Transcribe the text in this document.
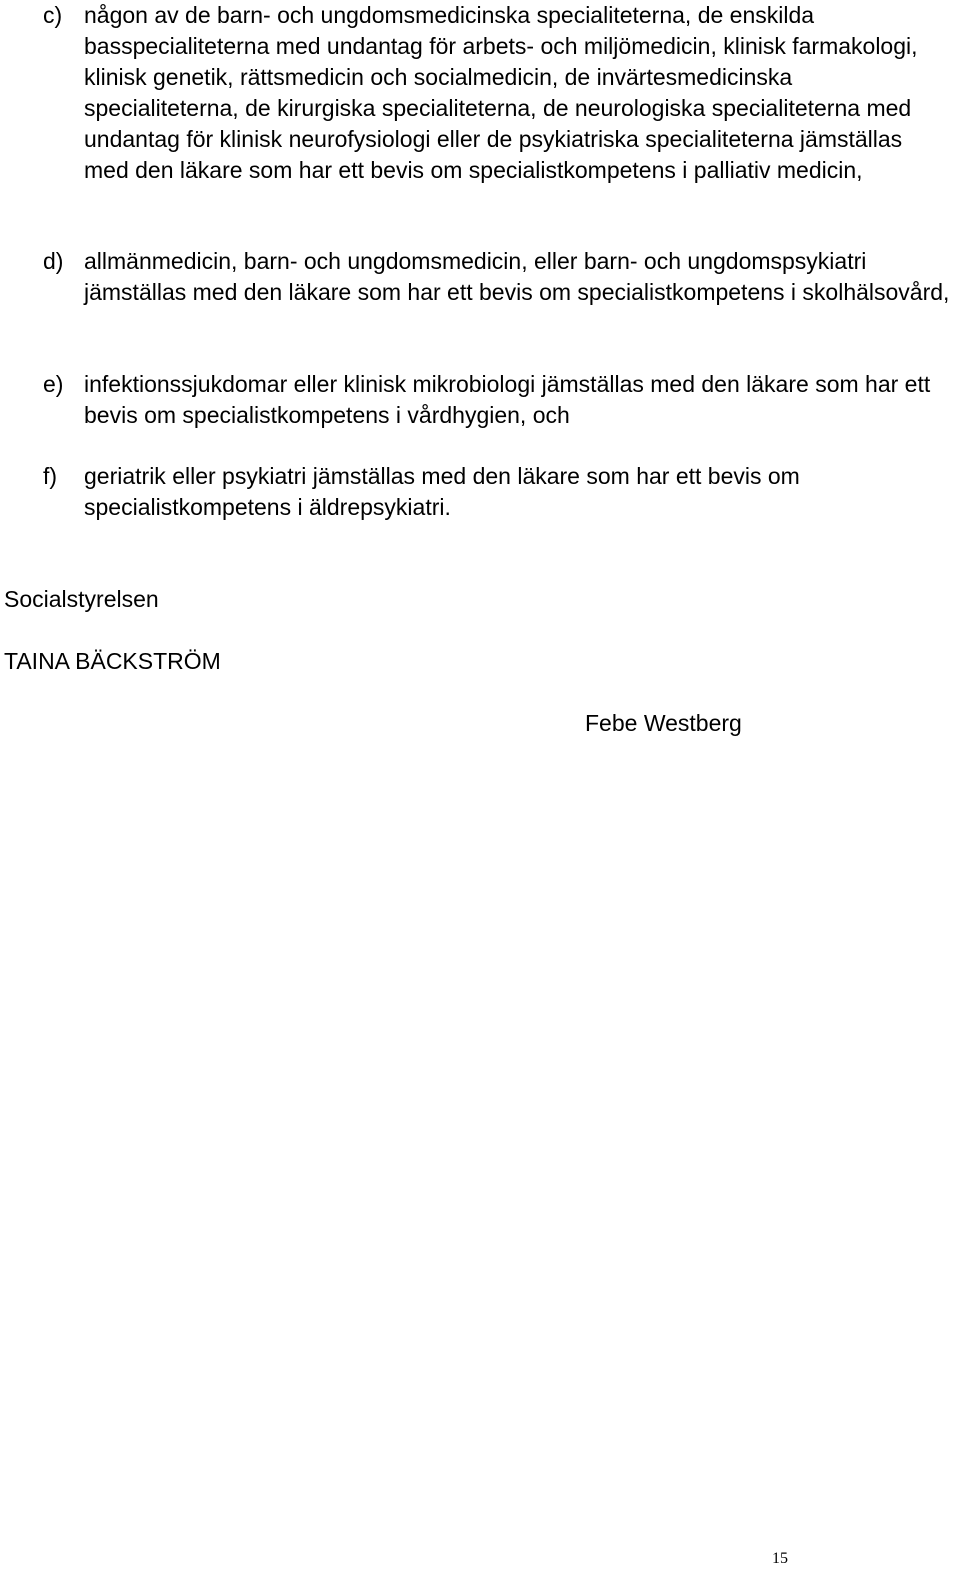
c) någon av de barn- och ungdomsmedicinska specialiteterna, de enskilda basspecialiteterna med undantag för arbets- och miljömedicin, klinisk farmakologi, klinisk genetik, rättsmedicin och socialmedicin, de invärtesmedicinska specialiteterna, de kirurgiska specialiteterna, de neurologiska specialiteterna med undantag för klinisk neurofysiologi eller de psykiatriska specialiteterna jämställas med den läkare som har ett bevis om specialistkompetens i palliativ medicin,
d) allmänmedicin, barn- och ungdomsmedicin, eller barn- och ungdomspsykiatri jämställas med den läkare som har ett bevis om specialistkompetens i skolhälsovård,
e) infektionssjukdomar eller klinisk mikrobiologi jämställas med den läkare som har ett bevis om specialistkompetens i vårdhygien, och
f)	geriatrik eller psykiatri jämställas med den läkare som har ett bevis om specialistkompetens i äldrepsykiatri.
Socialstyrelsen
TAINA BÄCKSTRÖM
Febe Westberg
15
